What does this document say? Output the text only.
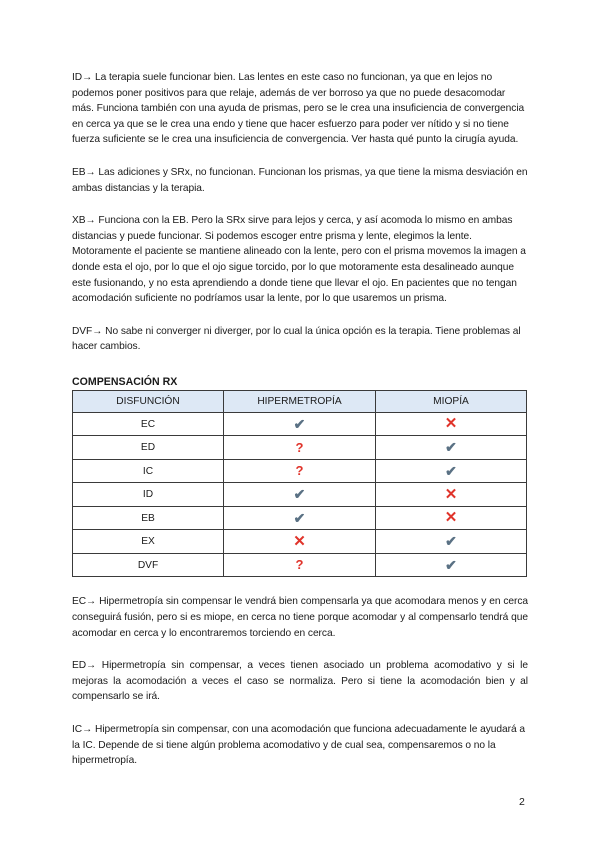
ID→ La terapia suele funcionar bien. Las lentes en este caso no funcionan, ya que en lejos no podemos poner positivos para que relaje, además de ver borroso ya que no puede desacomodar más. Funciona también con una ayuda de prismas, pero se le crea una insuficiencia de convergencia en cerca ya que se le crea una endo y tiene que hacer esfuerzo para poder ver nítido y si no tiene fuerza suficiente se le crea una insuficiencia de convergencia. Ver hasta qué punto la cirugía ayuda.

EB→ Las adiciones y SRx, no funcionan. Funcionan los prismas, ya que tiene la misma desviación en ambas distancias y la terapia.

XB→ Funciona con la EB. Pero la SRx sirve para lejos y cerca, y así acomoda lo mismo en ambas distancias y puede funcionar. Si podemos escoger entre prisma y lente, elegimos la lente. Motoramente el paciente se mantiene alineado con la lente, pero con el prisma movemos la imagen a donde esta el ojo, por lo que el ojo sigue torcido, por lo que motoramente esta desalineado aunque este fusionando, y no esta aprendiendo a donde tiene que llevar el ojo. En pacientes que no tengan acomodación suficiente no podríamos usar la lente, por lo que usaremos un prisma.

DVF→ No sabe ni converger ni diverger, por lo cual la única opción es la terapia. Tiene problemas al hacer cambios.

COMPENSACIÓN RX
DISFUNCIÓN	HIPERMETROPÍA	MIOPÍA
EC	✔	✕
ED	?	✔
IC	?	✔
ID	✔	✕
EB	✔	✕
EX	✕	✔
DVF	?	✔

EC→ Hipermetropía sin compensar le vendrá bien compensarla ya que acomodara menos y en cerca conseguirá fusión, pero si es miope, en cerca no tiene porque acomodar y al compensarlo tendrá que acomodar en cerca y lo encontraremos torciendo en cerca.

ED→ Hipermetropía sin compensar, a veces tienen asociado un problema acomodativo y si le mejoras la acomodación a veces el caso se normaliza. Pero si tiene la acomodación bien y al compensarlo se irá.

IC→ Hipermetropía sin compensar, con una acomodación que funciona adecuadamente le ayudará a la IC. Depende de si tiene algún problema acomodativo y de cual sea, compensaremos o no la hipermetropía.

2
